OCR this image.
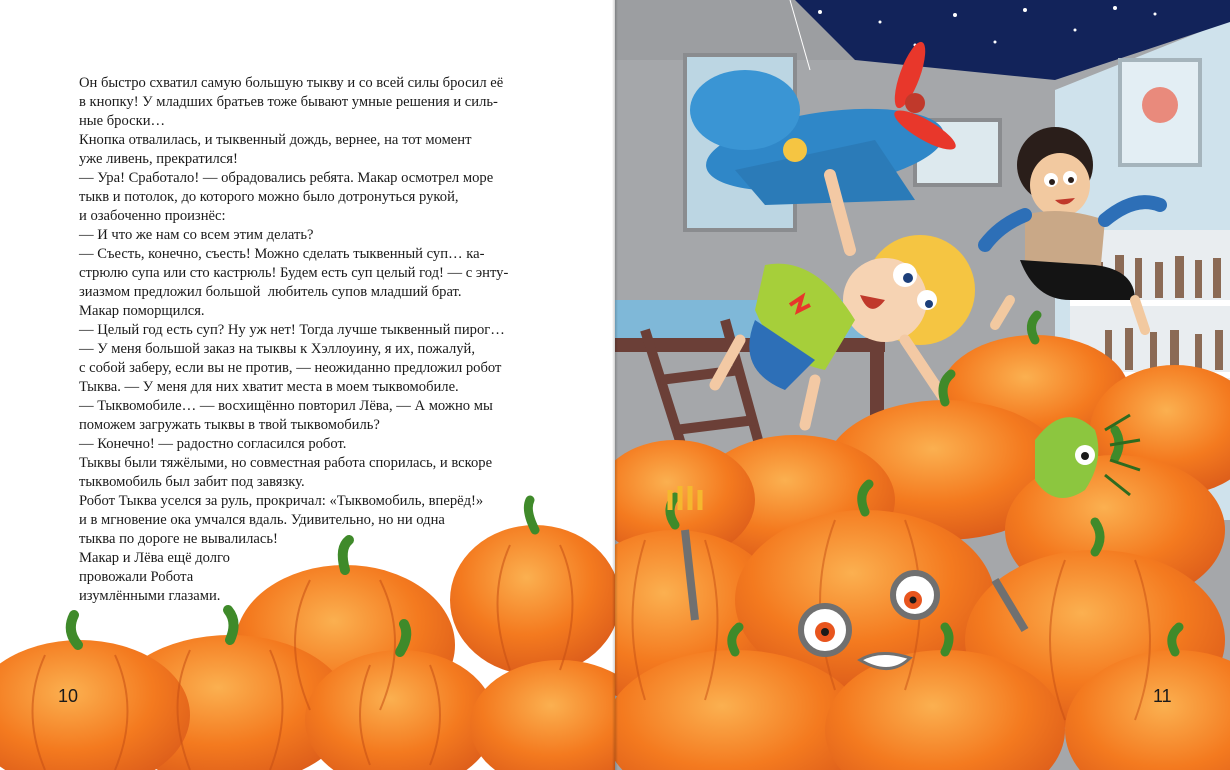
Он быстро схватил самую большую тыкву и со всей силы бросил её

в кнопку! У младших братьев тоже бывают умные решения и силь-

ные броски…

Кнопка отвалилась, и тыквенный дождь, вернее, на тот момент

уже ливень, прекратился!

— Ура! Сработало! — обрадовались ребята. Макар осмотрел море

тыкв и потолок, до которого можно было дотронуться рукой,

и озабоченно произнёс:

— И что же нам со всем этим делать?

— Съесть, конечно, съесть! Можно сделать тыквенный суп… ка-

стрюлю супа или сто кастрюль! Будем есть суп целый год! — с энту-

зиазмом предложил большой  любитель супов младший брат.

Макар поморщился.

— Целый год есть суп? Ну уж нет! Тогда лучше тыквенный пирог…

— У меня большой заказ на тыквы к Хэллоуину, я их, пожалуй,

с собой заберу, если вы не против, — неожиданно предложил робот

Тыква. — У меня для них хватит места в моем тыквомобиле.

— Тыквомобиле… — восхищённо повторил Лёва, — А можно мы

поможем загружать тыквы в твой тыквомобиль?

— Конечно! — радостно согласился робот.

Тыквы были тяжёлыми, но совместная работа спорилась, и вскоре

тыквомобиль был забит под завязку.

Робот Тыква уселся за руль, прокричал: «Тыквомобиль, вперёд!»

и в мгновение ока умчался вдаль. Удивительно, но ни одна

тыква по дороге не вывалилась!

Макар и Лёва ещё долго

провожали Робота

изумлёнными глазами.

10	11
